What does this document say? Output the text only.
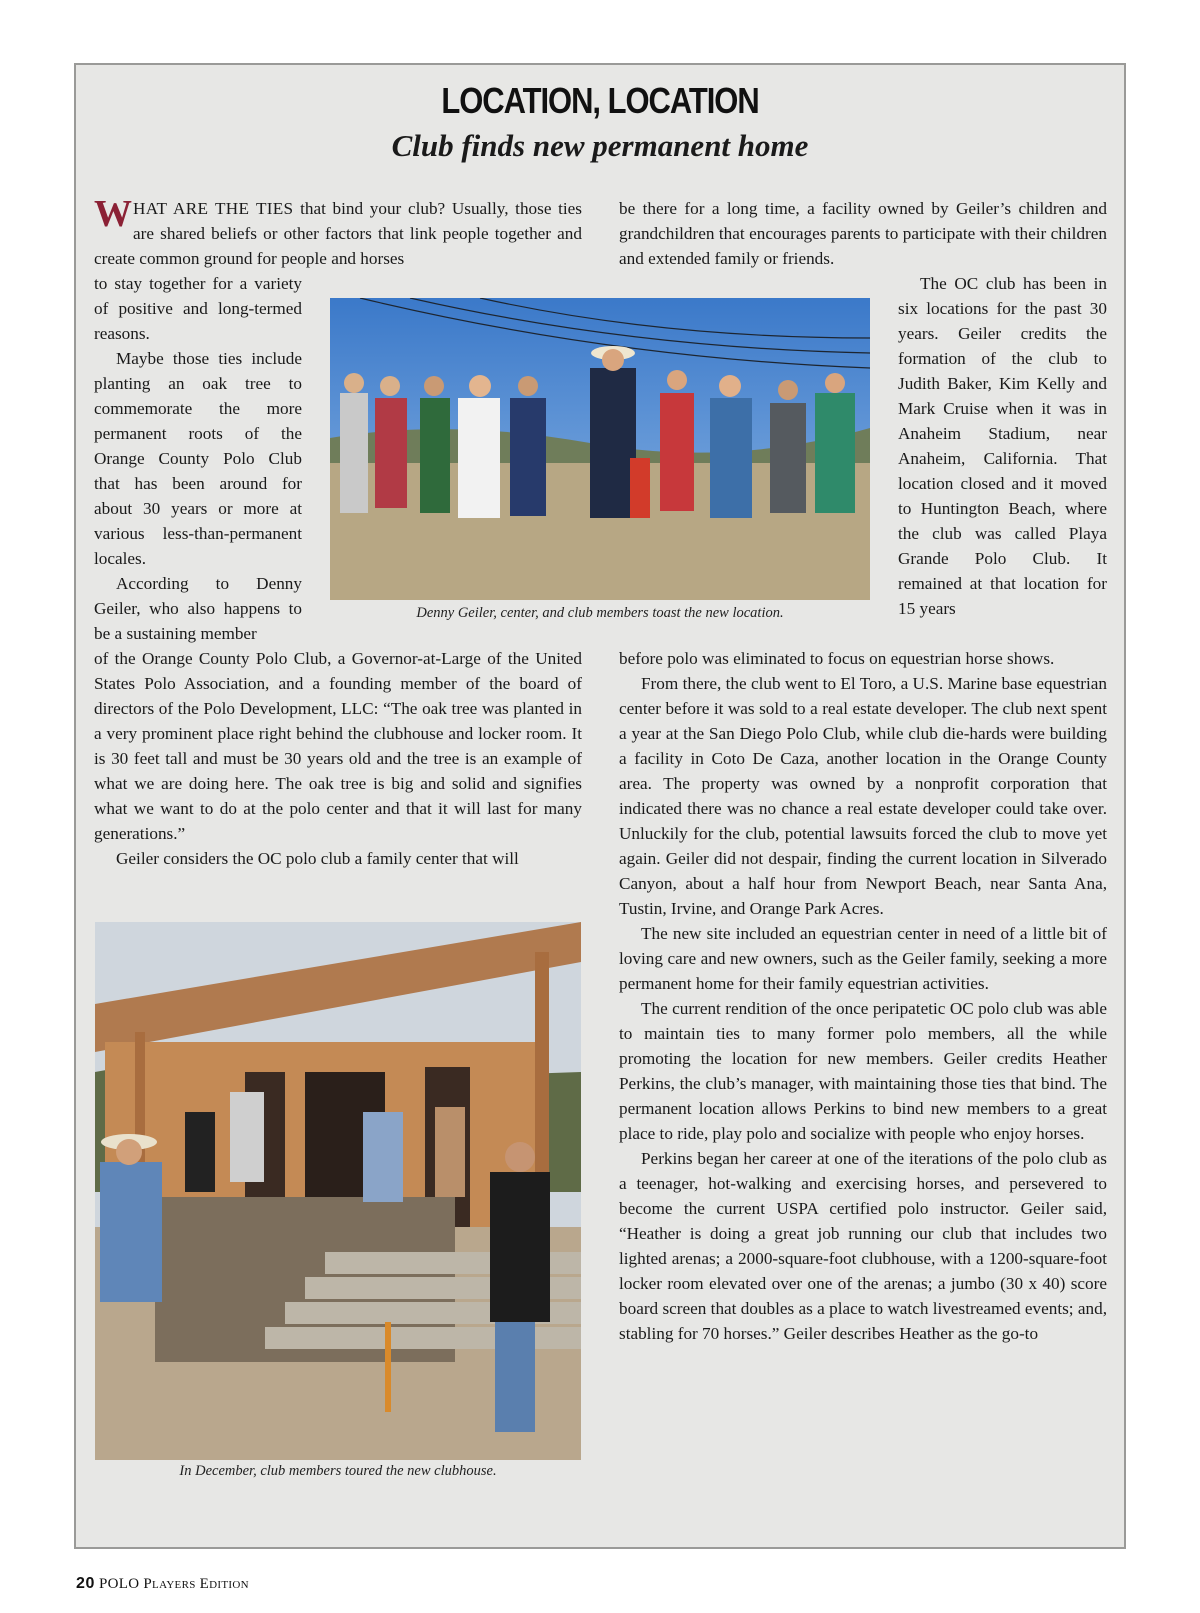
LOCATION, LOCATION
Club finds new permanent home

WHAT ARE THE TIES that bind your club? Usually, those ties are shared beliefs or other factors that link people together and create common ground for people and horses

Denny Geiler, center, and club members toast the new location.

to stay together for a variety of positive and long-termed reasons.

Maybe those ties include planting an oak tree to commemorate the more permanent roots of the Orange County Polo Club that has been around for about 30 years or more at various less-than-permanent locales.

According to Denny Geiler, who also happens to be a sustaining member

of the Orange County Polo Club, a Governor-at-Large of the United States Polo Association, and a founding member of the board of directors of the Polo Development, LLC: “The oak tree was planted in a very prominent place right behind the clubhouse and locker room. It is 30 feet tall and must be 30 years old and the tree is an example of what we are doing here. The oak tree is big and solid and signifies what we want to do at the polo center and that it will last for many generations.”

Geiler considers the OC polo club a family center that will

In December, club members toured the new clubhouse.

be there for a long time, a facility owned by Geiler’s children and grandchildren that encourages parents to participate with their children and extended family or friends.

The OC club has been in six locations for the past 30 years. Geiler credits the formation of the club to Judith Baker, Kim Kelly and Mark Cruise when it was in Anaheim Stadium, near Anaheim, California. That location closed and it moved to Huntington Beach, where the club was called Playa Grande Polo Club. It remained at that location for 15 years

before polo was eliminated to focus on equestrian horse shows.

From there, the club went to El Toro, a U.S. Marine base equestrian center before it was sold to a real estate developer. The club next spent a year at the San Diego Polo Club, while club die-hards were building a facility in Coto De Caza, another location in the Orange County area. The property was owned by a nonprofit corporation that indicated there was no chance a real estate developer could take over. Unluckily for the club, potential lawsuits forced the club to move yet again. Geiler did not despair, finding the current location in Silverado Canyon, about a half hour from Newport Beach, near Santa Ana, Tustin, Irvine, and Orange Park Acres.

The new site included an equestrian center in need of a little bit of loving care and new owners, such as the Geiler family, seeking a more permanent home for their family equestrian activities.

The current rendition of the once peripatetic OC polo club was able to maintain ties to many former polo members, all the while promoting the location for new members. Geiler credits Heather Perkins, the club’s manager, with maintaining those ties that bind. The permanent location allows Perkins to bind new members to a great place to ride, play polo and socialize with people who enjoy horses.

Perkins began her career at one of the iterations of the polo club as a teenager, hot-walking and exercising horses, and persevered to become the current USPA certified polo instructor. Geiler said, “Heather is doing a great job running our club that includes two lighted arenas; a 2000-square-foot clubhouse, with a 1200-square-foot locker room elevated over one of the arenas; a jumbo (30 x 40) score board screen that doubles as a place to watch livestreamed events; and, stabling for 70 horses.” Geiler describes Heather as the go-to

20 POLO Players Edition
